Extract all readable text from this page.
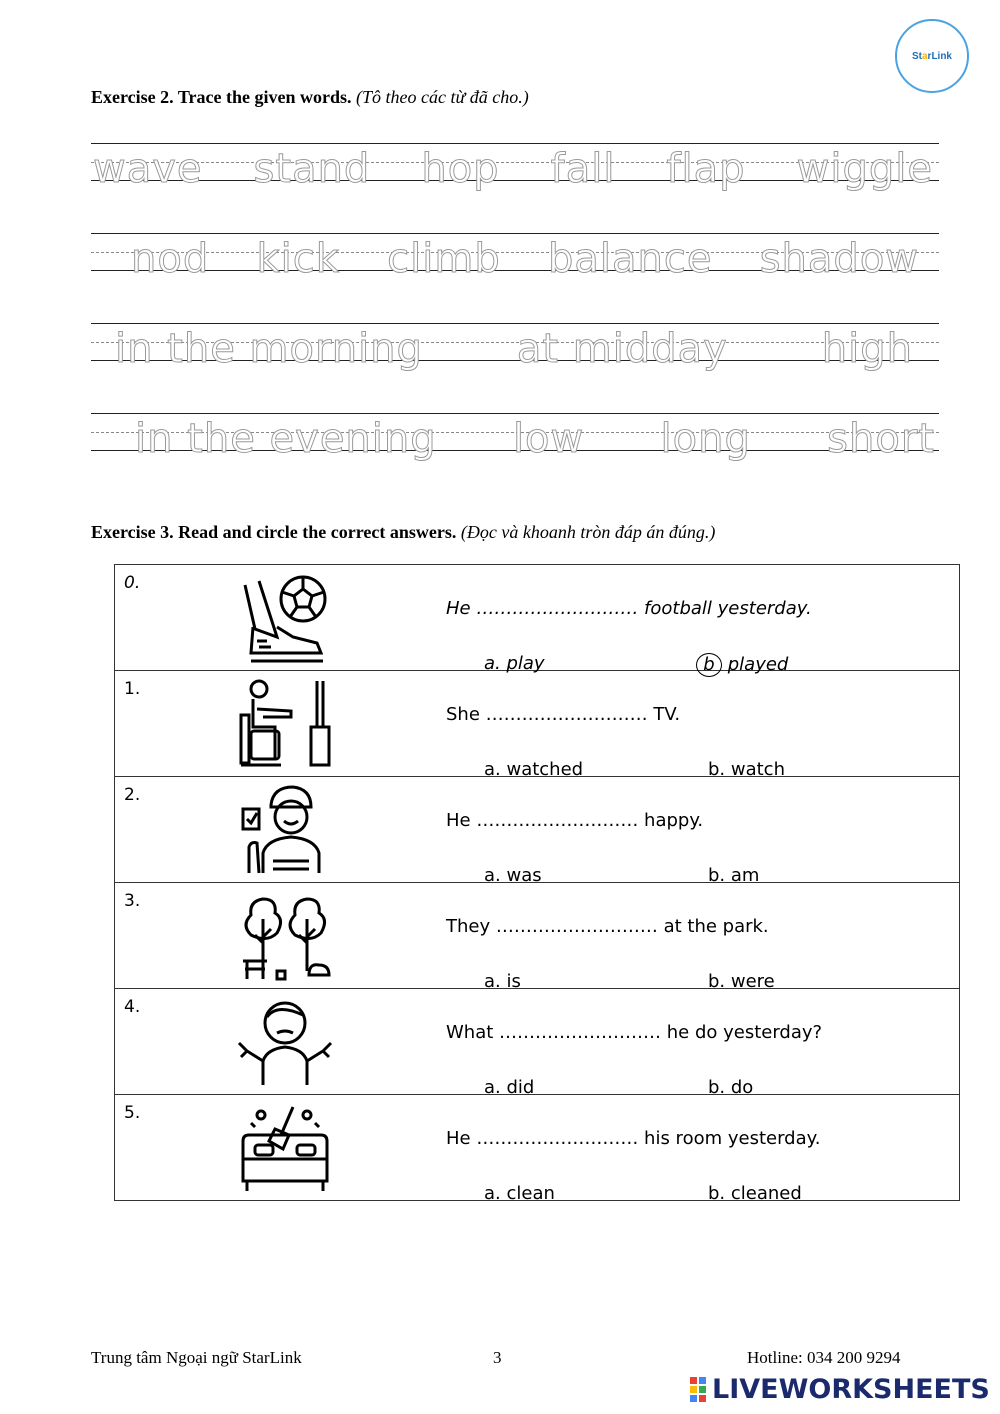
St a rLink
Exercise 2. Trace the given words. (Tô theo các từ đã cho.)
wave stand hop fall flap wiggle
nod kick climb balance shadow
in the morning at midday high
in the evening low long short
Exercise 3. Read and circle the correct answers. (Đọc và khoanh tròn đáp án đúng.)
0.
He ……………………… football yesterday.
a. play	b played

1.
She ……………………… TV.
a. watched	b. watch

2.
He ……………………… happy.
a. was	b. am

3.
They ……………………… at the park.
a. is	b. were

4.
What ……………………… he do yesterday?
a. did	b. do

5.
He ……………………… his room yesterday.
a. clean	b. cleaned
Trung tâm Ngoại ngữ StarLink	3	Hotline: 034 200 9294
LIVEWORKSHEETS
